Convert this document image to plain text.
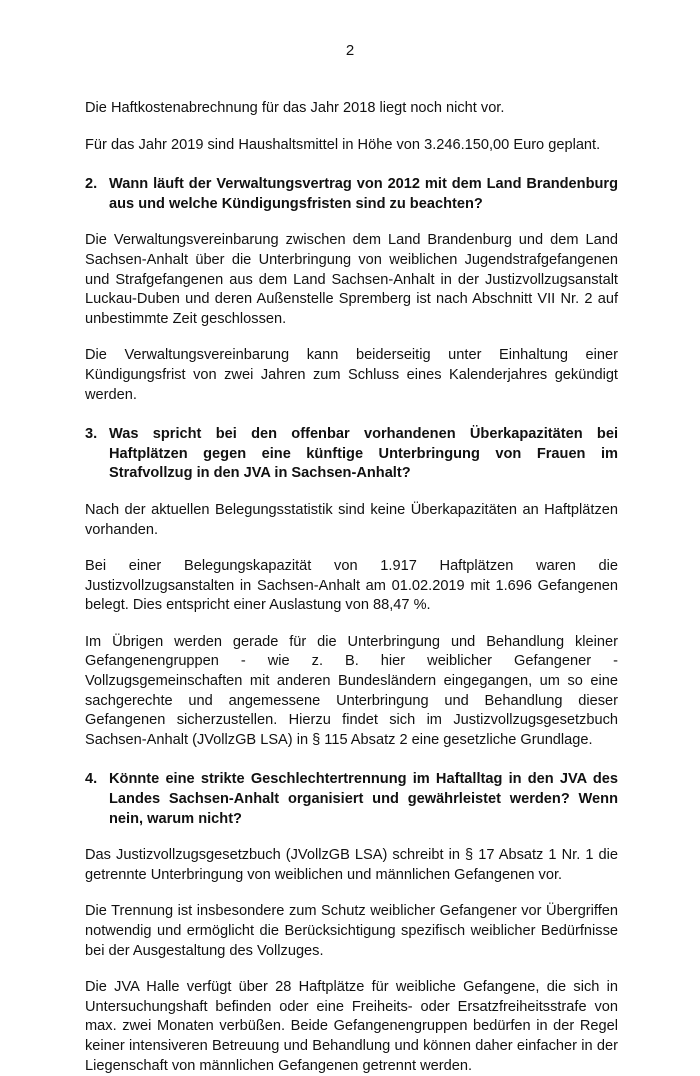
2

Die Haftkostenabrechnung für das Jahr 2018 liegt noch nicht vor.

Für das Jahr 2019 sind Haushaltsmittel in Höhe von 3.246.150,00 Euro geplant.

2. Wann läuft der Verwaltungsvertrag von 2012 mit dem Land Brandenburg aus und welche Kündigungsfristen sind zu beachten?

Die Verwaltungsvereinbarung zwischen dem Land Brandenburg und dem Land Sachsen-Anhalt über die Unterbringung von weiblichen Jugendstrafgefangenen und Strafgefangenen aus dem Land Sachsen-Anhalt in der Justizvollzugsanstalt Luckau-Duben und deren Außenstelle Spremberg ist nach Abschnitt VII Nr. 2 auf unbestimmte Zeit geschlossen.

Die Verwaltungsvereinbarung kann beiderseitig unter Einhaltung einer Kündigungsfrist von zwei Jahren zum Schluss eines Kalenderjahres gekündigt werden.

3. Was spricht bei den offenbar vorhandenen Überkapazitäten bei Haftplätzen gegen eine künftige Unterbringung von Frauen im Strafvollzug in den JVA in Sachsen-Anhalt?

Nach der aktuellen Belegungsstatistik sind keine Überkapazitäten an Haftplätzen vorhanden.

Bei einer Belegungskapazität von 1.917 Haftplätzen waren die Justizvollzugsanstalten in Sachsen-Anhalt am 01.02.2019 mit 1.696 Gefangenen belegt. Dies entspricht einer Auslastung von 88,47 %.

Im Übrigen werden gerade für die Unterbringung und Behandlung kleiner Gefangenengruppen - wie z. B. hier weiblicher Gefangener - Vollzugsgemeinschaften mit anderen Bundesländern eingegangen, um so eine sachgerechte und angemessene Unterbringung und Behandlung dieser Gefangenen sicherzustellen. Hierzu findet sich im Justizvollzugsgesetzbuch Sachsen-Anhalt (JVollzGB LSA) in § 115 Absatz 2 eine gesetzliche Grundlage.

4. Könnte eine strikte Geschlechtertrennung im Haftalltag in den JVA des Landes Sachsen-Anhalt organisiert und gewährleistet werden? Wenn nein, warum nicht?

Das Justizvollzugsgesetzbuch (JVollzGB LSA) schreibt in § 17 Absatz 1 Nr. 1 die getrennte Unterbringung von weiblichen und männlichen Gefangenen vor.

Die Trennung ist insbesondere zum Schutz weiblicher Gefangener vor Übergriffen notwendig und ermöglicht die Berücksichtigung spezifisch weiblicher Bedürfnisse bei der Ausgestaltung des Vollzuges.

Die JVA Halle verfügt über 28 Haftplätze für weibliche Gefangene, die sich in Untersuchungshaft befinden oder eine Freiheits- oder Ersatzfreiheitsstrafe von max. zwei Monaten verbüßen. Beide Gefangenengruppen bedürfen in der Regel keiner intensiveren Betreuung und Behandlung und können daher einfacher in der Liegenschaft von männlichen Gefangenen getrennt werden.
